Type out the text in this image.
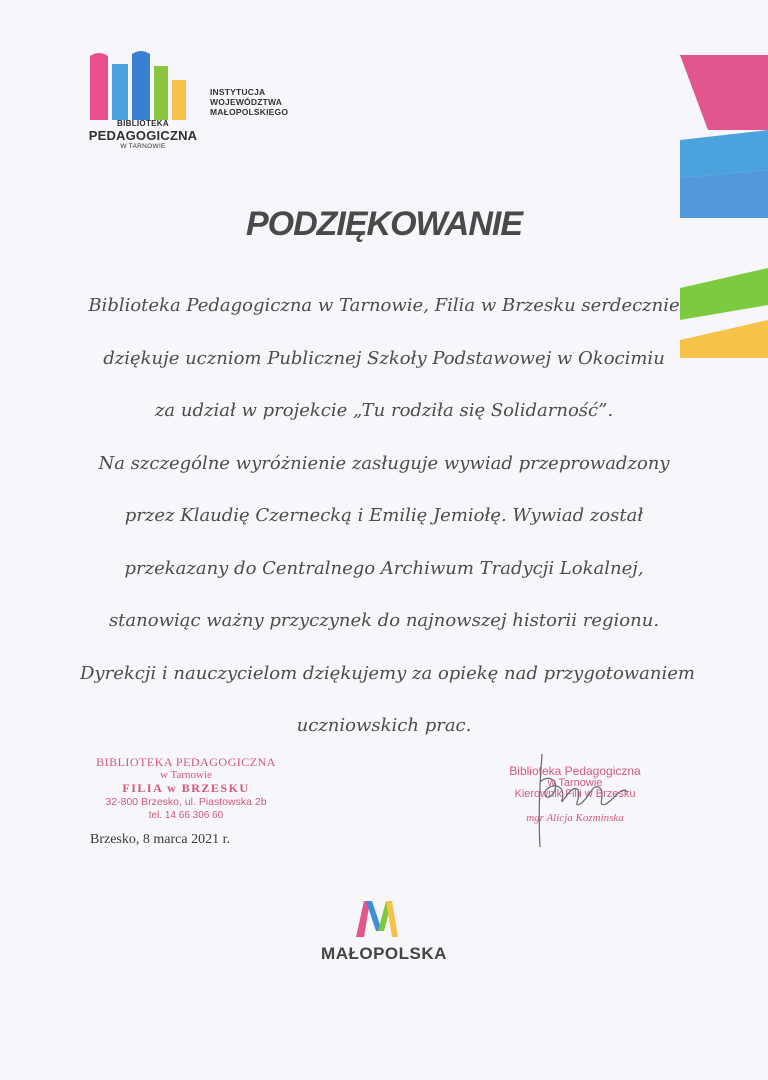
BIBLIOTEKA
PEDAGOGICZNA
W TARNOWIE
INSTYTUCJA
WOJEWÓDZTWA
MAŁOPOLSKIEGO
PODZIĘKOWANIE
Biblioteka Pedagogiczna w Tarnowie, Filia w Brzesku serdecznie
dziękuje uczniom Publicznej Szkoły Podstawowej w Okocimiu
za udział w projekcie „Tu rodziła się Solidarność”.
Na szczególne wyróżnienie zasługuje wywiad przeprowadzony
przez Klaudię Czernecką i Emilię Jemiołę. Wywiad został
przekazany do Centralnego Archiwum Tradycji Lokalnej,
stanowiąc ważny przyczynek do najnowszej historii regionu.
Dyrekcji i nauczycielom dziękujemy za opiekę nad przygotowaniem
uczniowskich prac.
BIBLIOTEKA PEDAGOGICZNA
w Tarnowie
FILIA w BRZESKU
32-800 Brzesko, ul. Piastowska 2b
tel. 14 66 306 60
Brzesko, 8 marca 2021 r.
Biblioteka Pedagogiczna
w Tarnowie
Kierownik Filii w Brzesku
mgr Alicja Kozminska
MAŁOPOLSKA
